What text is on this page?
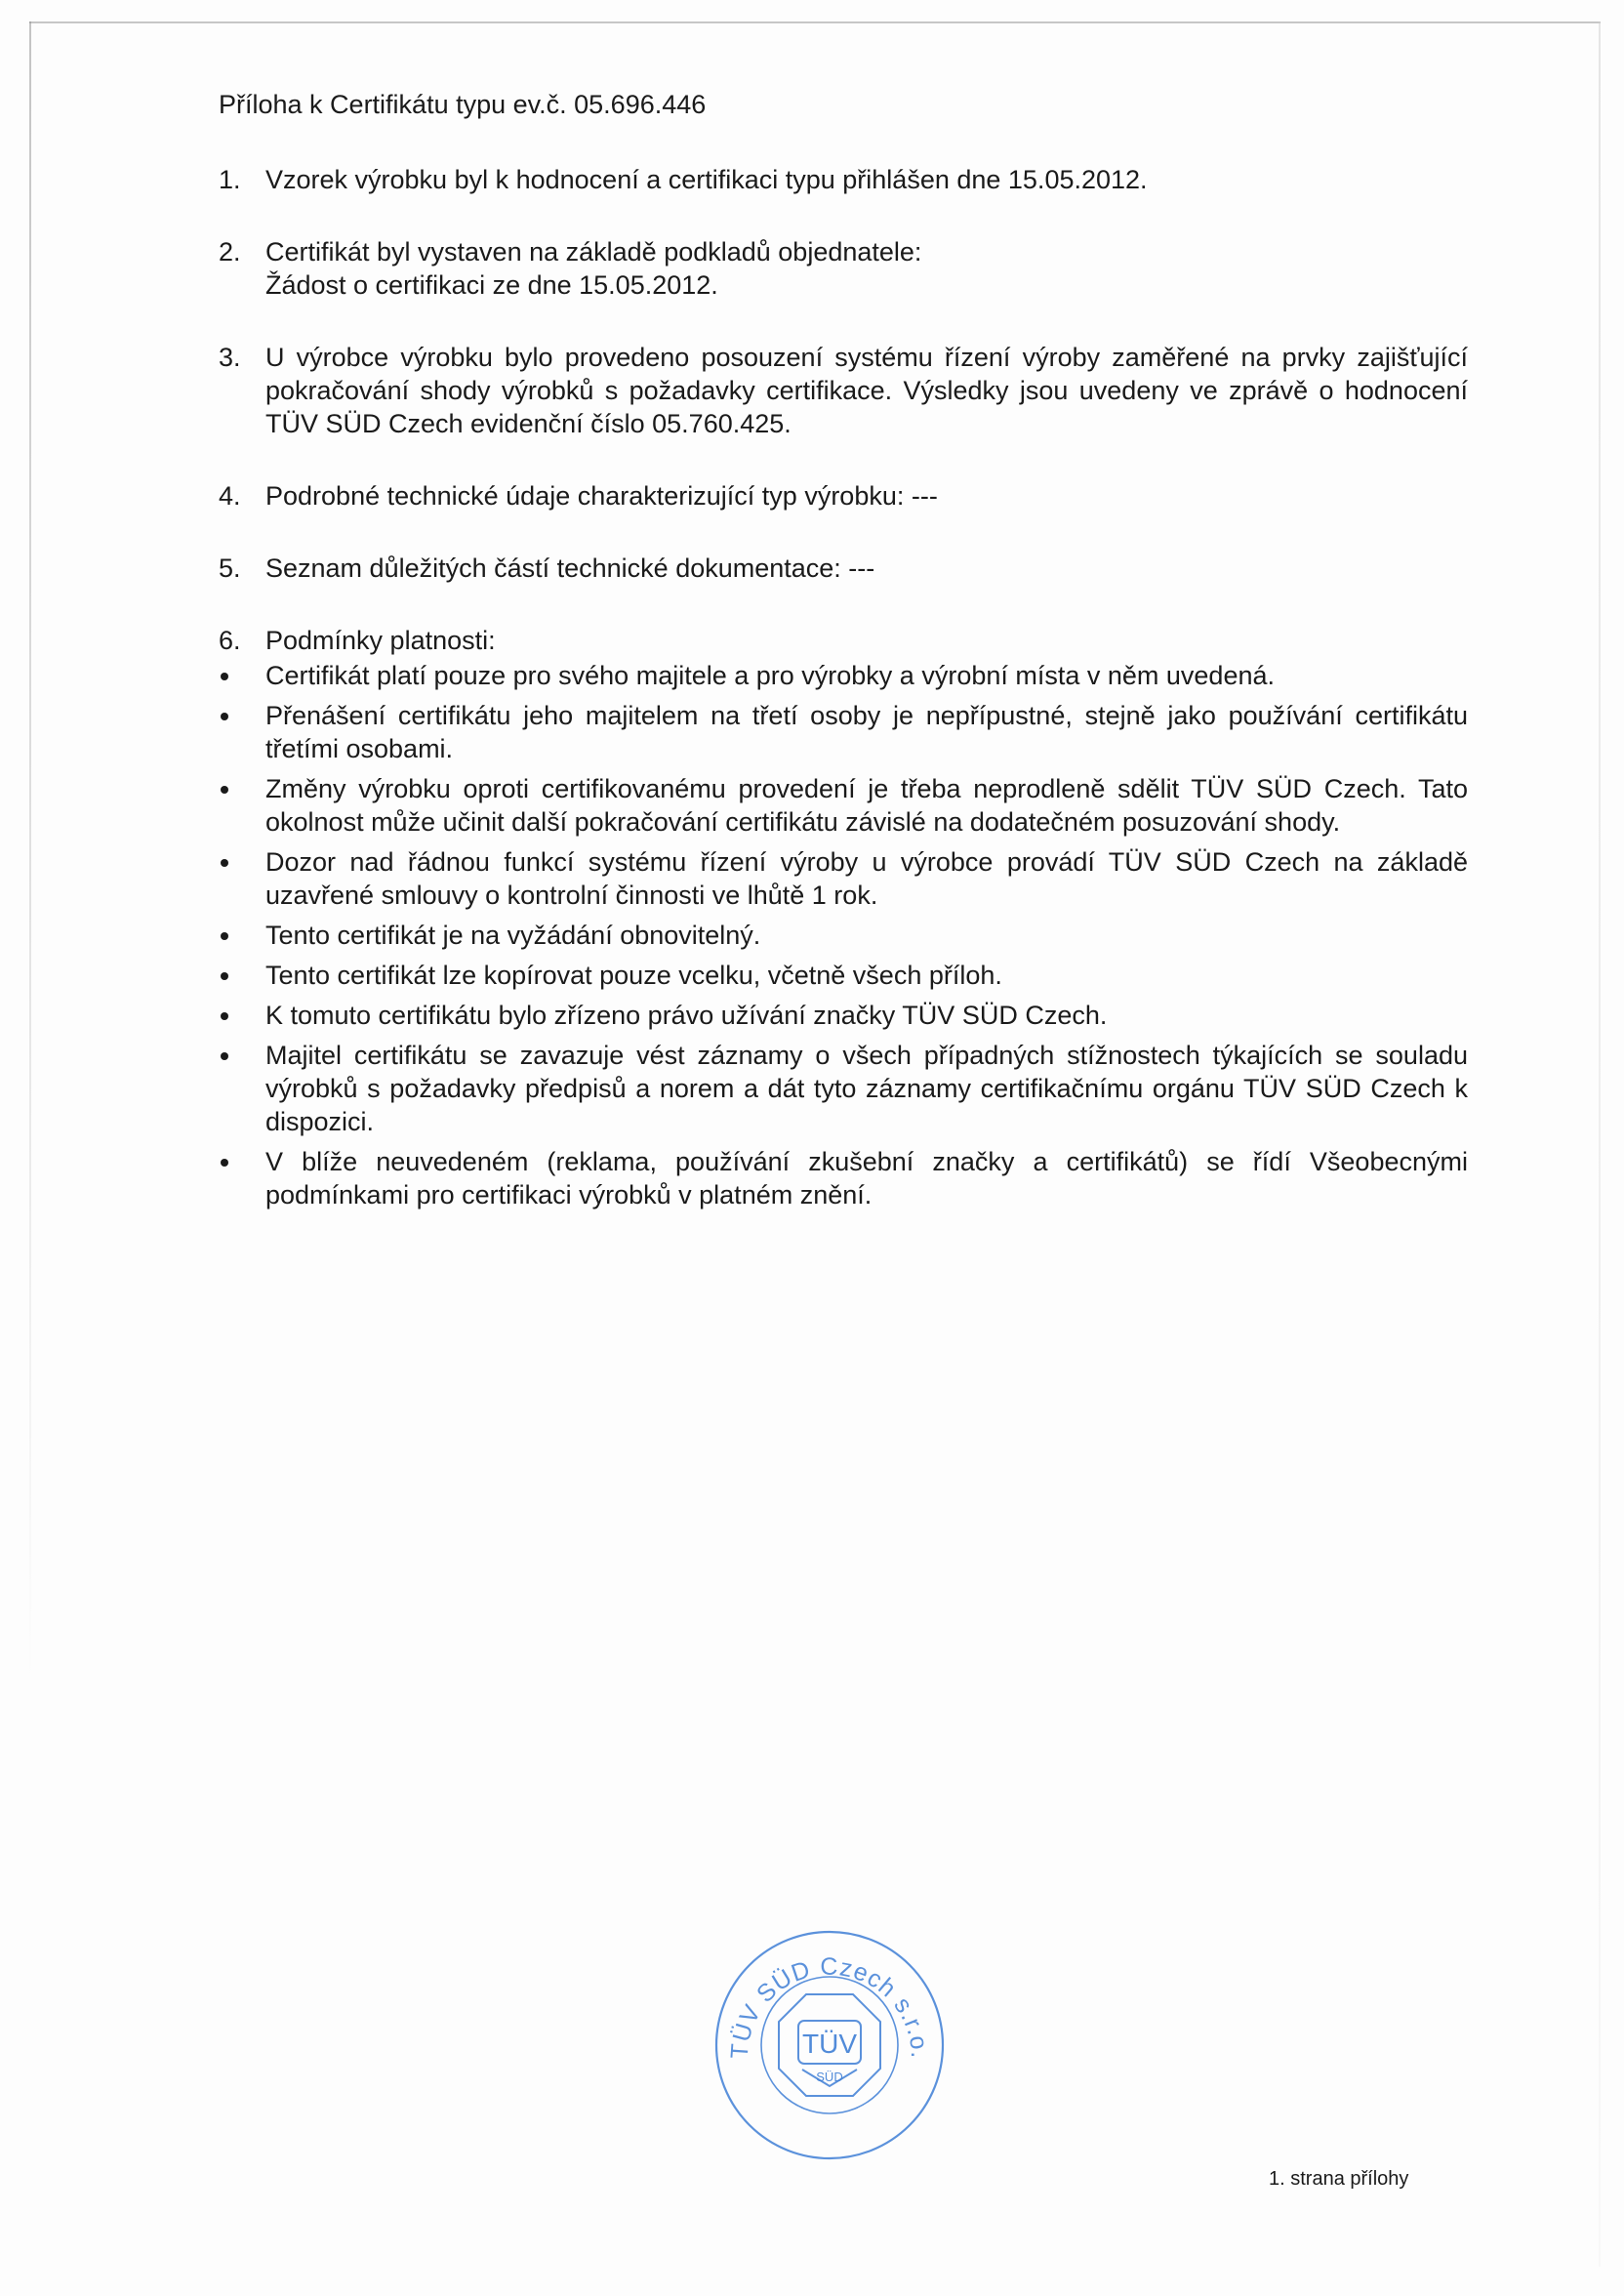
Příloha k Certifikátu typu ev.č. 05.696.446
1. Vzorek výrobku byl k hodnocení a certifikaci typu přihlášen dne 15.05.2012.
2. Certifikát byl vystaven na základě podkladů objednatele:
Žádost o certifikaci ze dne 15.05.2012.
3. U výrobce výrobku bylo provedeno posouzení systému řízení výroby zaměřené na prvky zajišťující pokračování shody výrobků s požadavky certifikace. Výsledky jsou uvedeny ve zprávě o hodnocení TÜV SÜD Czech evidenční číslo 05.760.425.
4. Podrobné technické údaje charakterizující typ výrobku: ---
5. Seznam důležitých částí technické dokumentace: ---
6. Podmínky platnosti:
Certifikát platí pouze pro svého majitele a pro výrobky a výrobní místa v něm uvedená.
Přenášení certifikátu jeho majitelem na třetí osoby je nepřípustné, stejně jako používání certifikátu třetími osobami.
Změny výrobku oproti certifikovanému provedení je třeba neprodleně sdělit TÜV SÜD Czech. Tato okolnost může učinit další pokračování certifikátu závislé na dodatečném posuzování shody.
Dozor nad řádnou funkcí systému řízení výroby u výrobce provádí TÜV SÜD Czech na základě uzavřené smlouvy o kontrolní činnosti ve lhůtě 1 rok.
Tento certifikát je na vyžádání obnovitelný.
Tento certifikát lze kopírovat pouze vcelku, včetně všech příloh.
K tomuto certifikátu bylo zřízeno právo užívání značky TÜV SÜD Czech.
Majitel certifikátu se zavazuje vést záznamy o všech případných stížnostech týkajících se souladu výrobků s požadavky předpisů a norem a dát tyto záznamy certifikačnímu orgánu TÜV SÜD Czech k dispozici.
V blíže neuvedeném (reklama, používání zkušební značky a certifikátů) se řídí Všeobecnými podmínkami pro certifikaci výrobků v platném znění.
TÜV SÜD Czech s.r.o.
TÜV
SÜD
1. strana přílohy
